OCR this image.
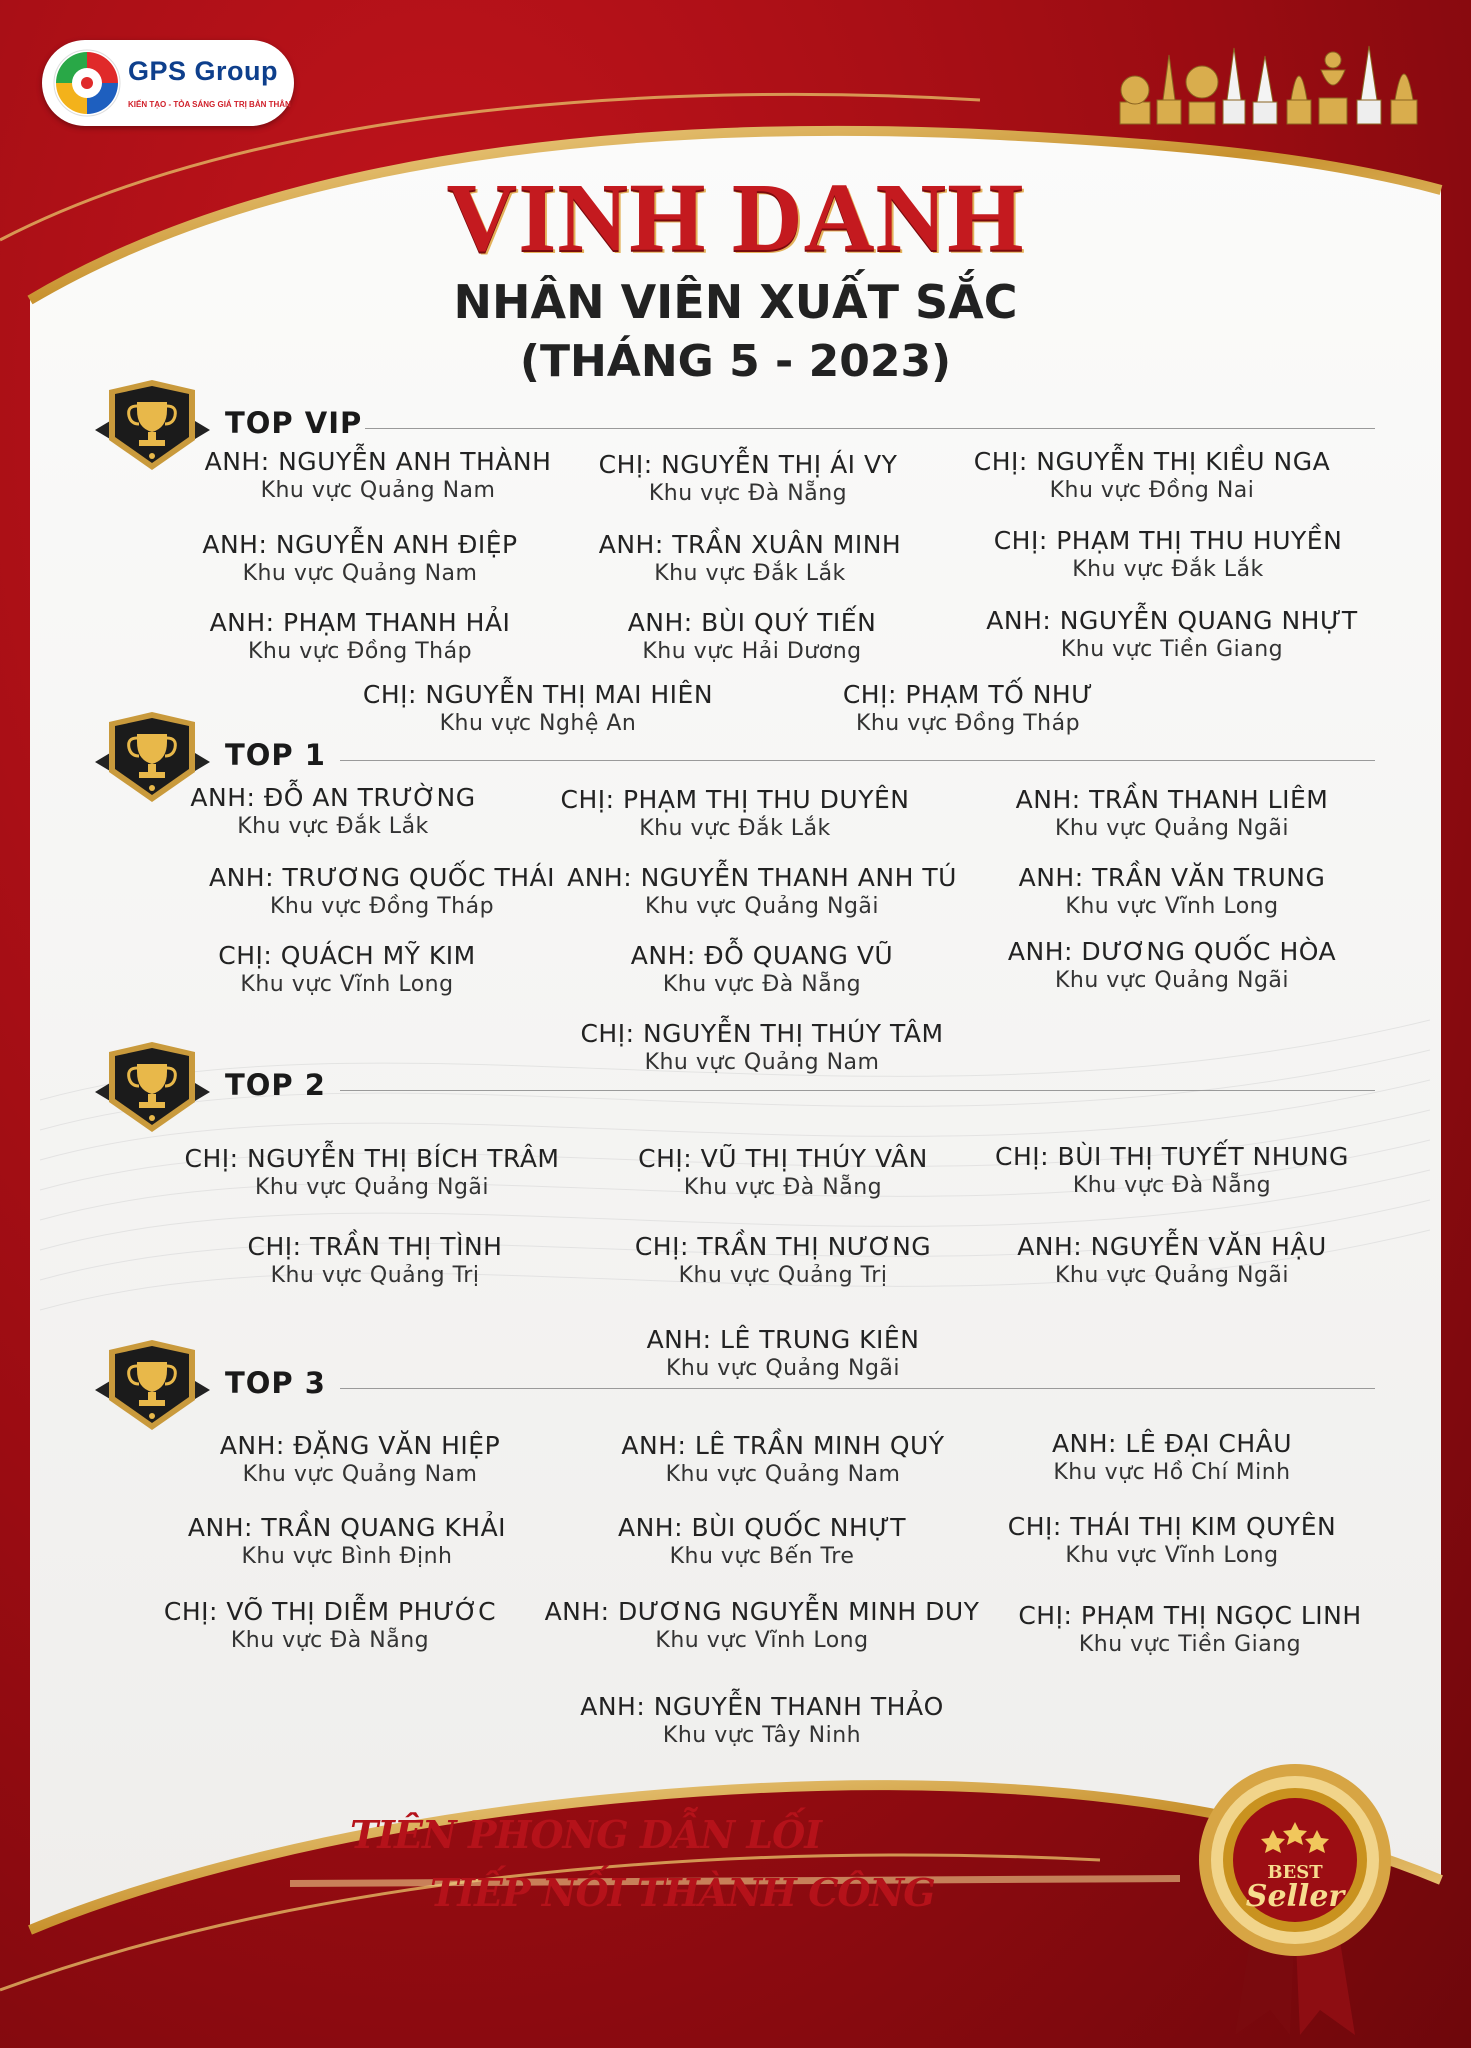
GPS Group
KIẾN TẠO - TỎA SÁNG GIÁ TRỊ BẢN THÂN
VINH DANH
NHÂN VIÊN XUẤT SẮC
(THÁNG 5 - 2023)
TOP VIP
ANH: NGUYỄN ANH THÀNH
Khu vực Quảng Nam
CHỊ: NGUYỄN THỊ ÁI VY
Khu vực Đà Nẵng
CHỊ: NGUYỄN THỊ KIỀU NGA
Khu vực Đồng Nai
ANH: NGUYỄN ANH ĐIỆP
Khu vực Quảng Nam
ANH: TRẦN XUÂN MINH
Khu vực Đắk Lắk
CHỊ: PHẠM THỊ THU HUYỀN
Khu vực Đắk Lắk
ANH: PHẠM THANH HẢI
Khu vực Đồng Tháp
ANH: BÙI QUÝ TIẾN
Khu vực Hải Dương
ANH: NGUYỄN QUANG NHỰT
Khu vực Tiền Giang
CHỊ: NGUYỄN THỊ MAI HIÊN
Khu vực Nghệ An
CHỊ: PHẠM TỐ NHƯ
Khu vực Đồng Tháp
TOP 1
ANH: ĐỖ AN TRƯỜNG
Khu vực Đắk Lắk
CHỊ: PHẠM THỊ THU DUYÊN
Khu vực Đắk Lắk
ANH: TRẦN THANH LIÊM
Khu vực Quảng Ngãi
ANH: TRƯƠNG QUỐC THÁI
Khu vực Đồng Tháp
ANH: NGUYỄN THANH ANH TÚ
Khu vực Quảng Ngãi
ANH: TRẦN VĂN TRUNG
Khu vực Vĩnh Long
CHỊ: QUÁCH MỸ KIM
Khu vực Vĩnh Long
ANH: ĐỖ QUANG VŨ
Khu vực Đà Nẵng
ANH: DƯƠNG QUỐC HÒA
Khu vực Quảng Ngãi
CHỊ: NGUYỄN THỊ THÚY TÂM
Khu vực Quảng Nam
TOP 2
CHỊ: NGUYỄN THỊ BÍCH TRÂM
Khu vực Quảng Ngãi
CHỊ: VŨ THỊ THÚY VÂN
Khu vực Đà Nẵng
CHỊ: BÙI THỊ TUYẾT NHUNG
Khu vực Đà Nẵng
CHỊ: TRẦN THỊ TÌNH
Khu vực Quảng Trị
CHỊ: TRẦN THỊ NƯƠNG
Khu vực Quảng Trị
ANH: NGUYỄN VĂN HẬU
Khu vực Quảng Ngãi
ANH: LÊ TRUNG KIÊN
Khu vực Quảng Ngãi
TOP 3
ANH: ĐẶNG VĂN HIỆP
Khu vực Quảng Nam
ANH: LÊ TRẦN MINH QUÝ
Khu vực Quảng Nam
ANH: LÊ ĐẠI CHÂU
Khu vực Hồ Chí Minh
ANH: TRẦN QUANG KHẢI
Khu vực Bình Định
ANH: BÙI QUỐC NHỰT
Khu vực Bến Tre
CHỊ: THÁI THỊ KIM QUYÊN
Khu vực Vĩnh Long
CHỊ: VÕ THỊ DIỄM PHƯỚC
Khu vực Đà Nẵng
ANH: DƯƠNG NGUYỄN MINH DUY
Khu vực Vĩnh Long
CHỊ: PHẠM THỊ NGỌC LINH
Khu vực Tiền Giang
ANH: NGUYỄN THANH THẢO
Khu vực Tây Ninh
TIÊN PHONG DẪN LỐI
TIẾP NỐI THÀNH CÔNG	BEST
Seller
